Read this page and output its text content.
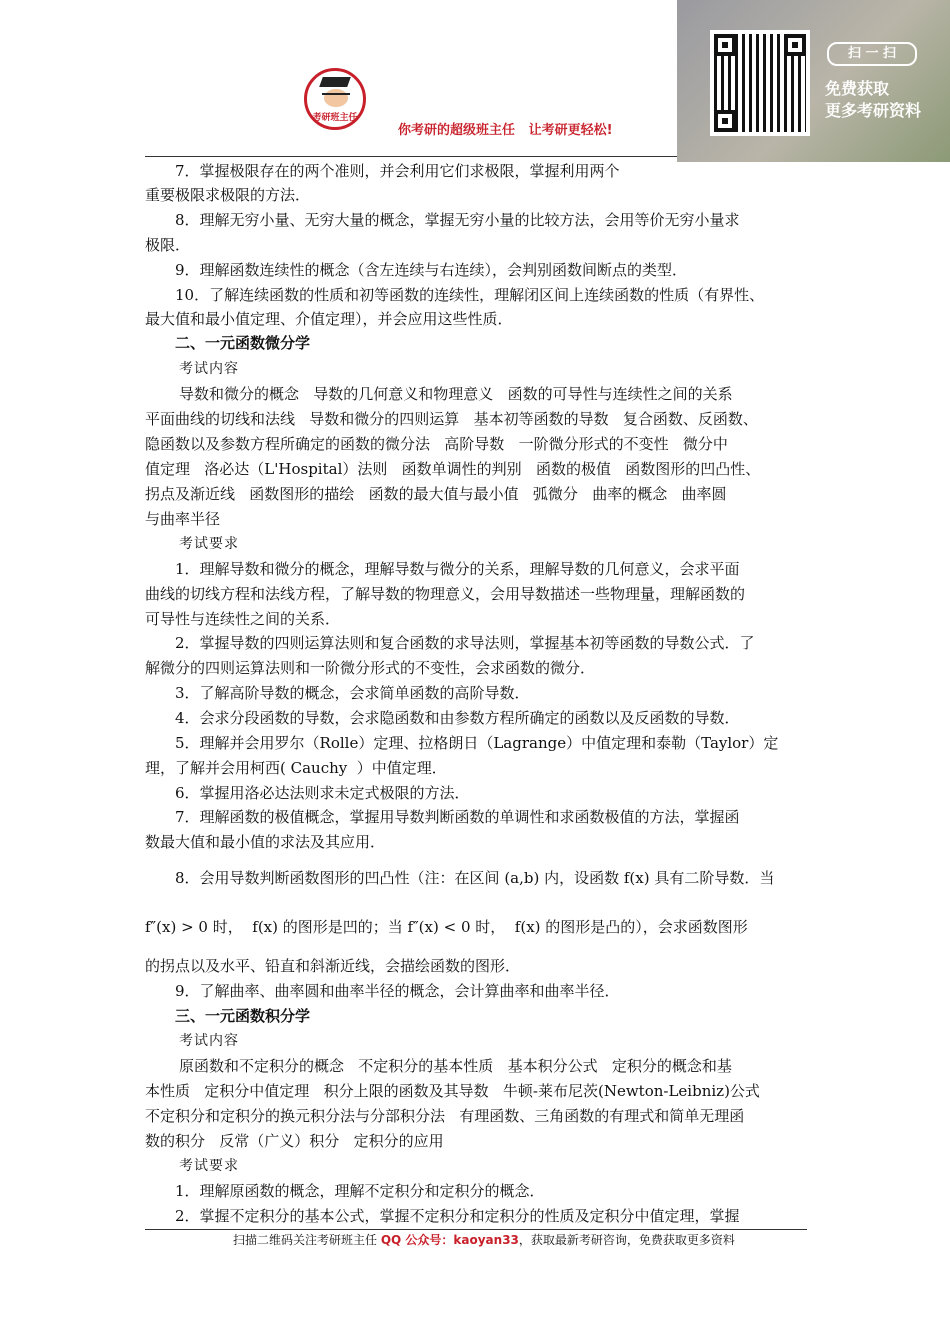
考研班主任
你考研的超级班主任   让考研更轻松!
扫 一 扫
免费获取
更多考研资料
7．掌握极限存在的两个准则，并会利用它们求极限，掌握利用两个
重要极限求极限的方法．
8．理解无穷小量、无穷大量的概念，掌握无穷小量的比较方法，会用等价无穷小量求
极限．
9．理解函数连续性的概念（含左连续与右连续），会判别函数间断点的类型．
10．了解连续函数的性质和初等函数的连续性，理解闭区间上连续函数的性质（有界性、
最大值和最小值定理、介值定理），并会应用这些性质．
二、一元函数微分学
考试内容
导数和微分的概念   导数的几何意义和物理意义   函数的可导性与连续性之间的关系
平面曲线的切线和法线   导数和微分的四则运算   基本初等函数的导数   复合函数、反函数、
隐函数以及参数方程所确定的函数的微分法   高阶导数   一阶微分形式的不变性   微分中
值定理   洛必达（L'Hospital）法则   函数单调性的判别   函数的极值   函数图形的凹凸性、
拐点及渐近线   函数图形的描绘   函数的最大值与最小值   弧微分   曲率的概念   曲率圆
与曲率半径
考试要求
1．理解导数和微分的概念，理解导数与微分的关系，理解导数的几何意义，会求平面
曲线的切线方程和法线方程，了解导数的物理意义，会用导数描述一些物理量，理解函数的
可导性与连续性之间的关系．
2．掌握导数的四则运算法则和复合函数的求导法则，掌握基本初等函数的导数公式．了
解微分的四则运算法则和一阶微分形式的不变性，会求函数的微分．
3．了解高阶导数的概念，会求简单函数的高阶导数．
4．会求分段函数的导数，会求隐函数和由参数方程所确定的函数以及反函数的导数．
5．理解并会用罗尔（Rolle）定理、拉格朗日（Lagrange）中值定理和泰勒（Taylor）定
理，了解并会用柯西( Cauchy  ）中值定理．
6．掌握用洛必达法则求未定式极限的方法．
7．理解函数的极值概念，掌握用导数判断函数的单调性和求函数极值的方法，掌握函
数最大值和最小值的求法及其应用．
8．会用导数判断函数图形的凹凸性（注：在区间 (a,b) 内，设函数 f(x) 具有二阶导数．当
f″(x) > 0 时，  f(x) 的图形是凹的；当 f″(x) < 0 时，  f(x) 的图形是凸的），会求函数图形
的拐点以及水平、铅直和斜渐近线，会描绘函数的图形．
9．了解曲率、曲率圆和曲率半径的概念，会计算曲率和曲率半径．
三、一元函数积分学
考试内容
原函数和不定积分的概念   不定积分的基本性质   基本积分公式   定积分的概念和基
本性质   定积分中值定理   积分上限的函数及其导数   牛顿-莱布尼茨(Newton-Leibniz)公式
不定积分和定积分的换元积分法与分部积分法   有理函数、三角函数的有理式和简单无理函
数的积分   反常（广义）积分   定积分的应用
考试要求
1．理解原函数的概念，理解不定积分和定积分的概念．
2．掌握不定积分的基本公式，掌握不定积分和定积分的性质及定积分中值定理，掌握
扫描二维码关注考研班主任 QQ 公众号：kaoyan33，获取最新考研咨询，免费获取更多资料
